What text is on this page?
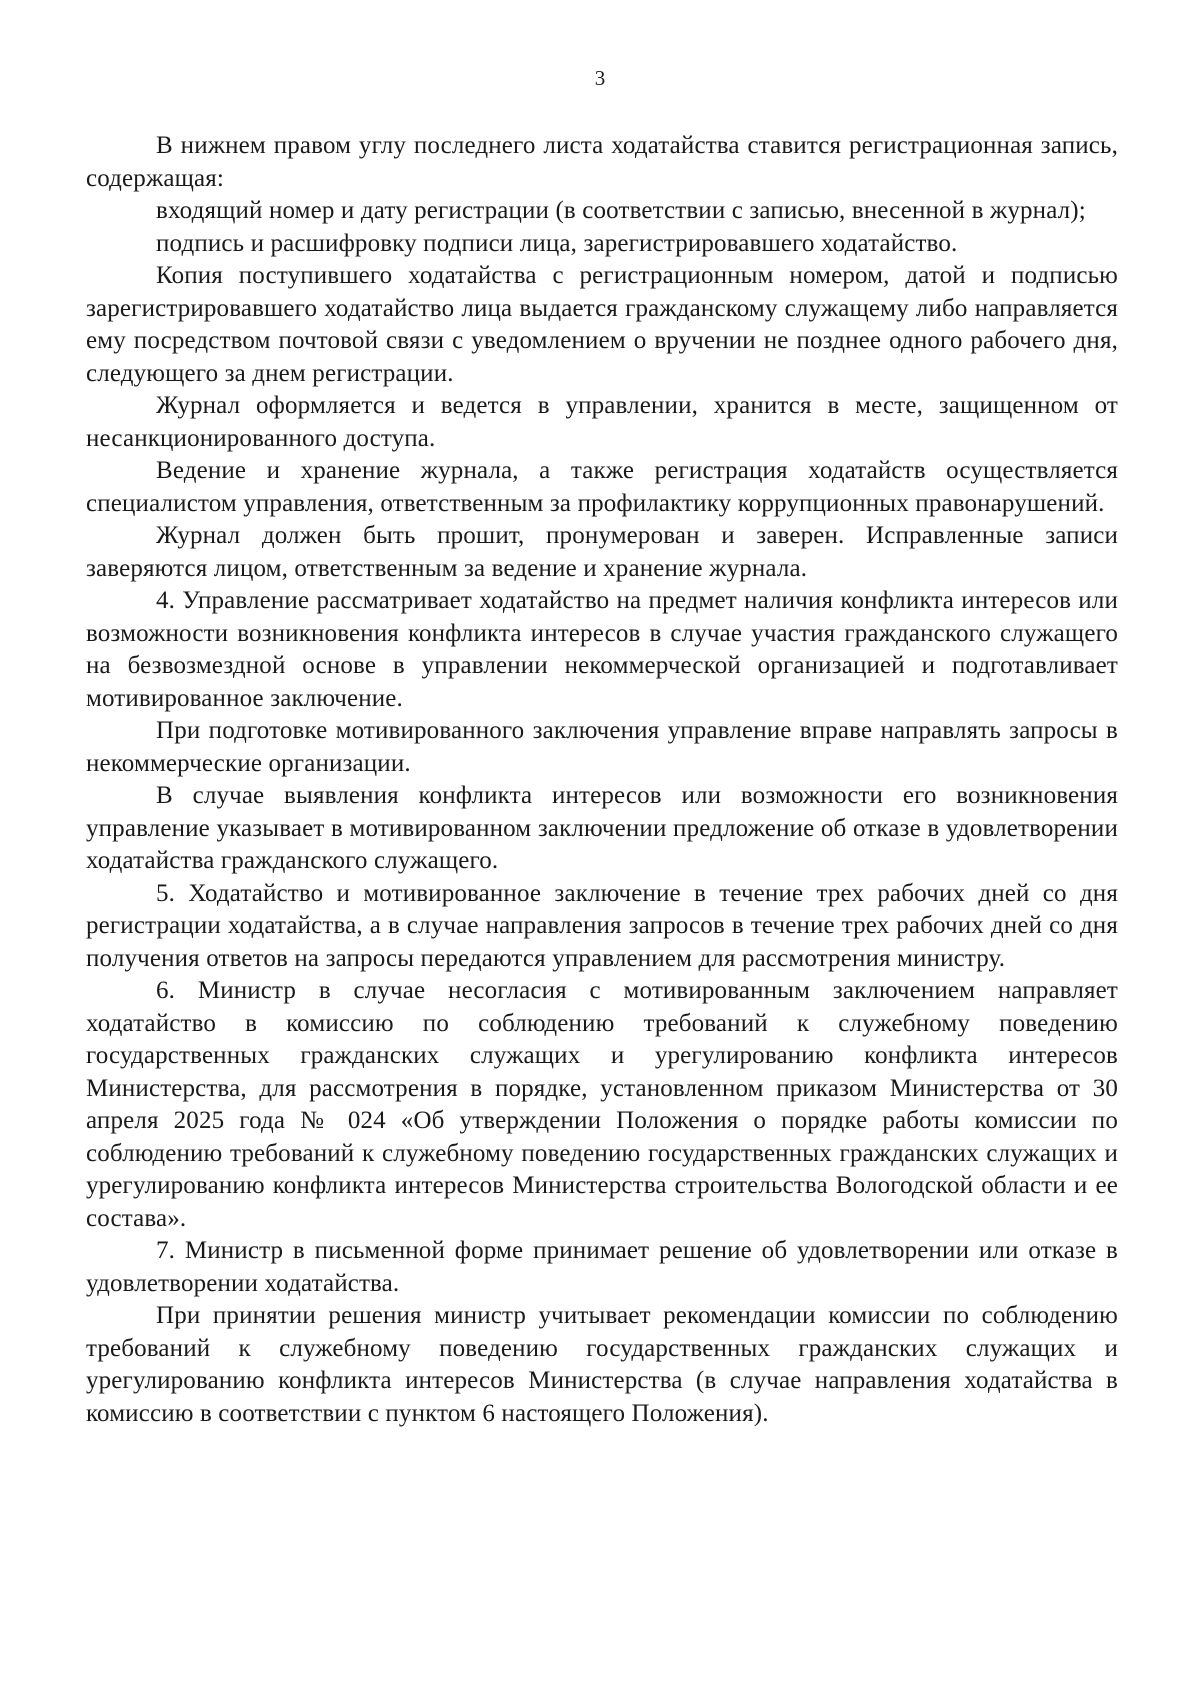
3

В нижнем правом углу последнего листа ходатайства ставится регистрационная запись, содержащая:

входящий номер и дату регистрации (в соответствии с записью, внесенной в журнал);

подпись и расшифровку подписи лица, зарегистрировавшего ходатайство.

Копия поступившего ходатайства с регистрационным номером, датой и подписью зарегистрировавшего ходатайство лица выдается гражданскому служащему либо направляется ему посредством почтовой связи с уведомлением о вручении не позднее одного рабочего дня, следующего за днем регистрации.

Журнал оформляется и ведется в управлении, хранится в месте, защищенном от несанкционированного доступа.

Ведение и хранение журнала, а также регистрация ходатайств осуществляется специалистом управления, ответственным за профилактику коррупционных правонарушений.

Журнал должен быть прошит, пронумерован и заверен. Исправленные записи заверяются лицом, ответственным за ведение и хранение журнала.

4. Управление рассматривает ходатайство на предмет наличия конфликта интересов или возможности возникновения конфликта интересов в случае участия гражданского служащего на безвозмездной основе в управлении некоммерческой организацией и подготавливает мотивированное заключение.

При подготовке мотивированного заключения управление вправе направлять запросы в некоммерческие организации.

В случае выявления конфликта интересов или возможности его возникновения управление указывает в мотивированном заключении предложение об отказе в удовлетворении ходатайства гражданского служащего.

5. Ходатайство и мотивированное заключение в течение трех рабочих дней со дня регистрации ходатайства, а в случае направления запросов в течение трех рабочих дней со дня получения ответов на запросы передаются управлением для рассмотрения министру.

6. Министр в случае несогласия с мотивированным заключением направляет ходатайство в комиссию по соблюдению требований к служебному поведению государственных гражданских служащих и урегулированию конфликта интересов Министерства, для рассмотрения в порядке, установленном приказом Министерства от 30 апреля 2025 года № 024 «Об утверждении Положения о порядке работы комиссии по соблюдению требований к служебному поведению государственных гражданских служащих и урегулированию конфликта интересов Министерства строительства Вологодской области и ее состава».

7. Министр в письменной форме принимает решение об удовлетворении или отказе в удовлетворении ходатайства.

При принятии решения министр учитывает рекомендации комиссии по соблюдению требований к служебному поведению государственных гражданских служащих и урегулированию конфликта интересов Министерства (в случае направления ходатайства в комиссию в соответствии с пунктом 6 настоящего Положения).
